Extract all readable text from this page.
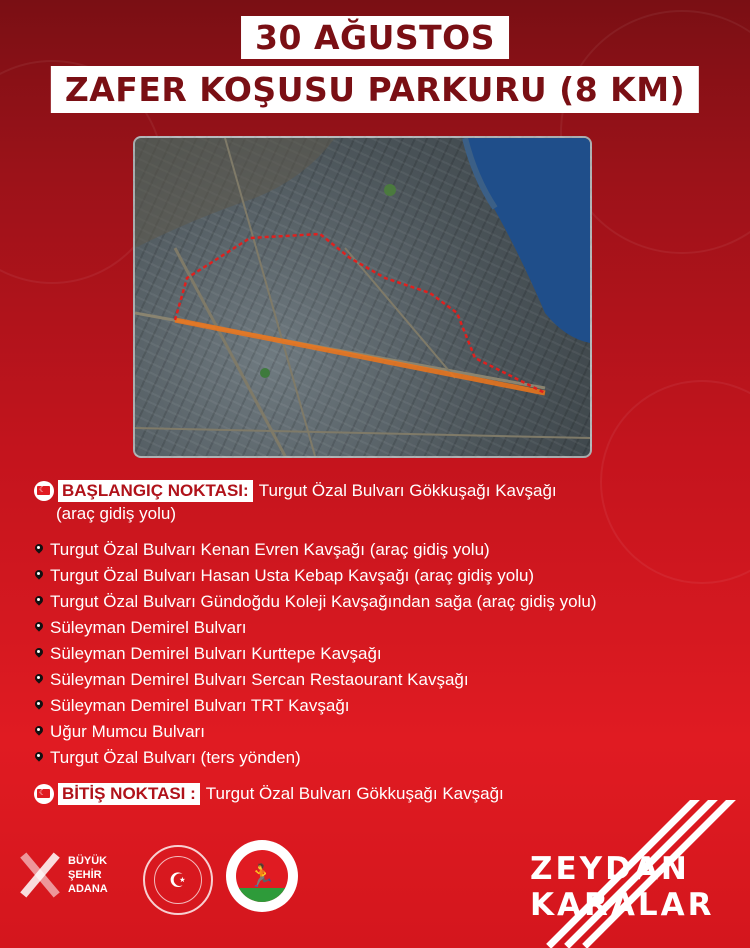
30 AĞUSTOS
ZAFER KOŞUSU PARKURU (8 KM)
☾
BAŞLANGIÇ NOKTASI: Turgut Özal Bulvarı Gökkuşağı Kavşağı
(araç gidiş yolu)
Turgut Özal Bulvarı Kenan Evren Kavşağı (araç gidiş yolu)
Turgut Özal Bulvarı Hasan Usta Kebap Kavşağı (araç gidiş yolu)
Turgut Özal Bulvarı Gündoğdu Koleji Kavşağından sağa (araç gidiş yolu)
Süleyman Demirel Bulvarı
Süleyman Demirel Bulvarı Kurttepe Kavşağı
Süleyman Demirel Bulvarı Sercan Restaourant Kavşağı
Süleyman Demirel Bulvarı TRT Kavşağı
Uğur Mumcu Bulvarı
Turgut Özal Bulvarı (ters yönden)
☾
BİTİŞ NOKTASI : Turgut Özal Bulvarı Gökkuşağı Kavşağı
BÜYÜK
ŞEHİR
ADANA	☪	🏃	ZEYDAN
KARALAR
